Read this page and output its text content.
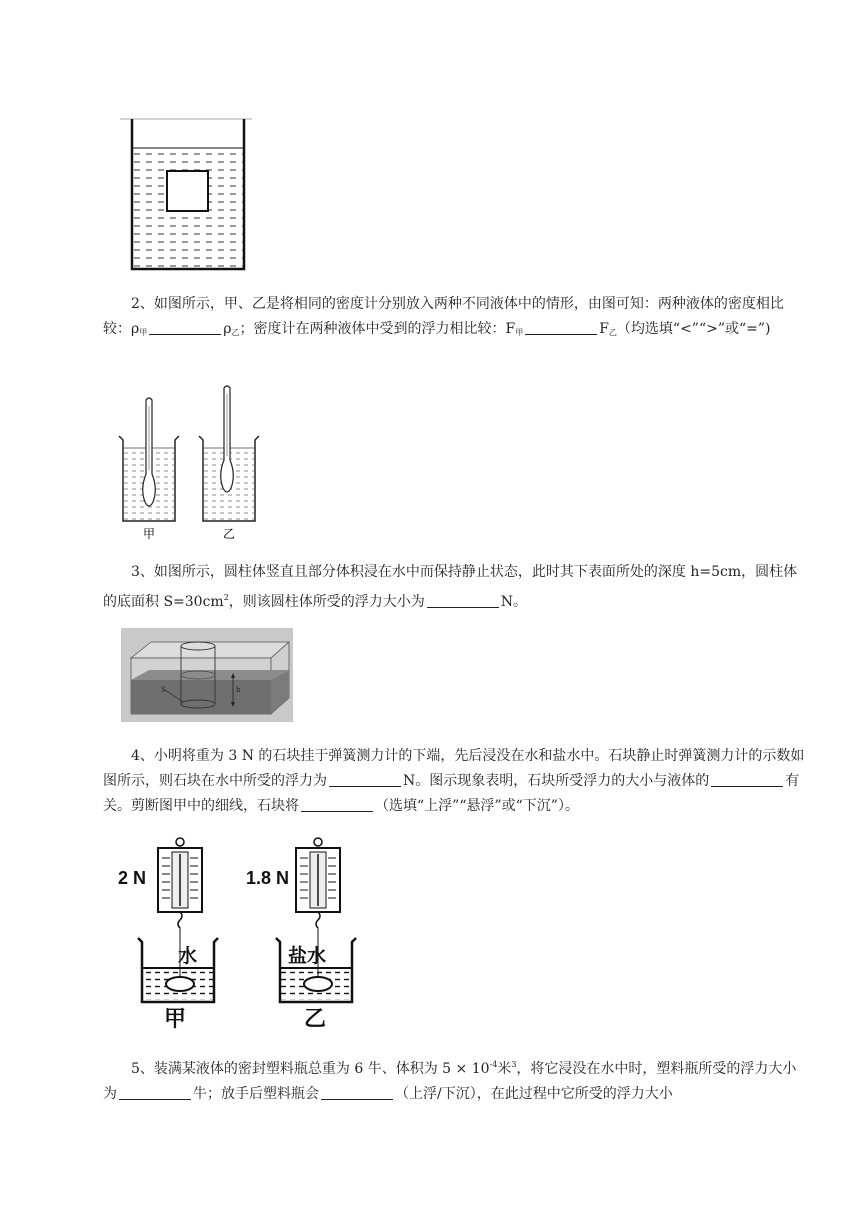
2、如图所示，甲、乙是将相同的密度计分别放入两种不同液体中的情形，由图可知：两种液体的密度相比较：$\rho_甲$	$\rho_乙$；密度计在两种液体中受到的浮力相比较：$F_甲$	$F_乙$（均选填“<”“>”或“=”)

甲	乙

3、如图所示，圆柱体竖直且部分体积浸在水中而保持静止状态，此时其下表面所处的深度 h=5cm，圆柱体的底面积 $S=30cm^2$，则该圆柱体所受的浮力大小为	N。

h
S

4、小明将重为 3 N 的石块挂于弹簧测力计的下端，先后浸没在水和盐水中。石块静止时弹簧测力计的示数如图所示，则石块在水中所受的浮力为	N。图示现象表明，石块所受浮力的大小与液体的	有关。剪断图甲中的细线，石块将	（选填“上浮”“悬浮”或“下沉”）。

2 N
水
甲
1.8 N
盐水
乙

5、装满某液体的密封塑料瓶总重为 6 牛、体积为 $5 \times 10^{-4}$米$^3$，将它浸没在水中时，塑料瓶所受的浮力大小为	牛；放手后塑料瓶会	（上浮/下沉），在此过程中它所受的浮力大小
